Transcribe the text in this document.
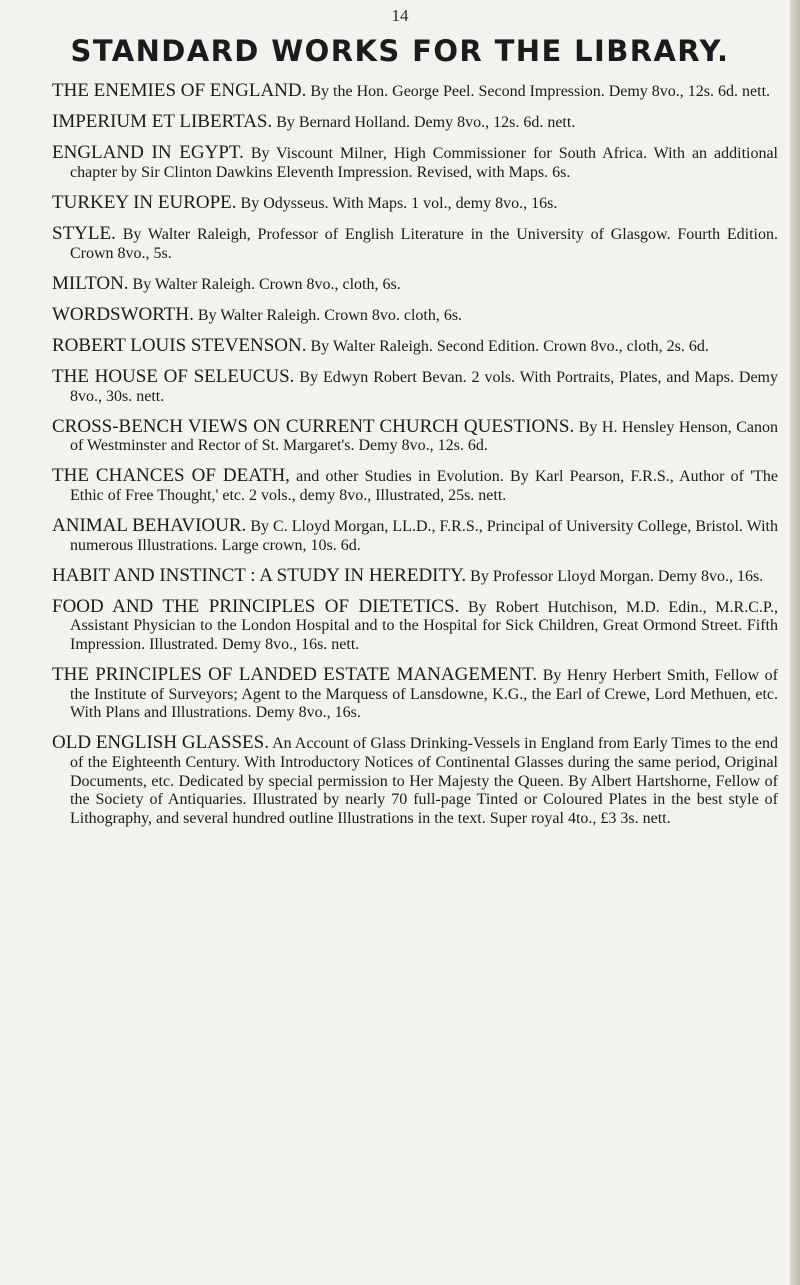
14
STANDARD WORKS FOR THE LIBRARY.

THE ENEMIES OF ENGLAND. By the Hon. George Peel. Second Impression. Demy 8vo., 12s. 6d. nett.

IMPERIUM ET LIBERTAS. By Bernard Holland. Demy 8vo., 12s. 6d. nett.

ENGLAND IN EGYPT. By Viscount Milner, High Commissioner for South Africa. With an additional chapter by Sir Clinton Dawkins Eleventh Impression. Revised, with Maps. 6s.

TURKEY IN EUROPE. By Odysseus. With Maps. 1 vol., demy 8vo., 16s.

STYLE. By Walter Raleigh, Professor of English Literature in the University of Glasgow. Fourth Edition. Crown 8vo., 5s.

MILTON. By Walter Raleigh. Crown 8vo., cloth, 6s.

WORDSWORTH. By Walter Raleigh. Crown 8vo. cloth, 6s.

ROBERT LOUIS STEVENSON. By Walter Raleigh. Second Edition. Crown 8vo., cloth, 2s. 6d.

THE HOUSE OF SELEUCUS. By Edwyn Robert Bevan. 2 vols. With Portraits, Plates, and Maps. Demy 8vo., 30s. nett.

CROSS-BENCH VIEWS ON CURRENT CHURCH QUESTIONS. By H. Hensley Henson, Canon of Westminster and Rector of St. Margaret's. Demy 8vo., 12s. 6d.

THE CHANCES OF DEATH, and other Studies in Evolution. By Karl Pearson, F.R.S., Author of 'The Ethic of Free Thought,' etc. 2 vols., demy 8vo., Illustrated, 25s. nett.

ANIMAL BEHAVIOUR. By C. Lloyd Morgan, LL.D., F.R.S., Principal of University College, Bristol. With numerous Illustrations. Large crown, 10s. 6d.

HABIT AND INSTINCT : A STUDY IN HEREDITY. By Professor Lloyd Morgan. Demy 8vo., 16s.

FOOD AND THE PRINCIPLES OF DIETETICS. By Robert Hutchison, M.D. Edin., M.R.C.P., Assistant Physician to the London Hospital and to the Hospital for Sick Children, Great Ormond Street. Fifth Impression. Illustrated. Demy 8vo., 16s. nett.

THE PRINCIPLES OF LANDED ESTATE MANAGEMENT. By Henry Herbert Smith, Fellow of the Institute of Surveyors; Agent to the Marquess of Lansdowne, K.G., the Earl of Crewe, Lord Methuen, etc. With Plans and Illustrations. Demy 8vo., 16s.

OLD ENGLISH GLASSES. An Account of Glass Drinking-Vessels in England from Early Times to the end of the Eighteenth Century. With Introductory Notices of Continental Glasses during the same period, Original Documents, etc. Dedicated by special permission to Her Majesty the Queen. By Albert Hartshorne, Fellow of the Society of Antiquaries. Illustrated by nearly 70 full-page Tinted or Coloured Plates in the best style of Lithography, and several hundred outline Illustrations in the text. Super royal 4to., £3 3s. nett.
